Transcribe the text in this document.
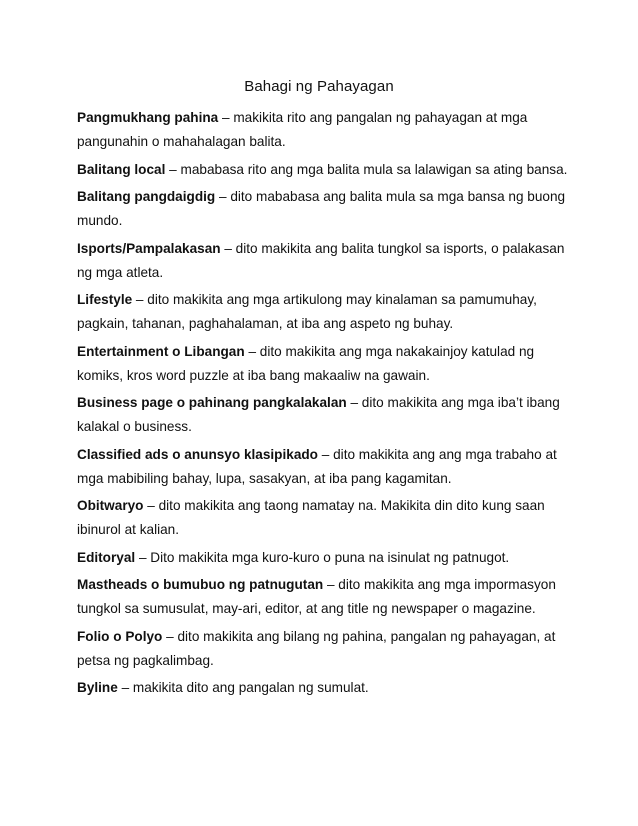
Bahagi ng Pahayagan

Pangmukhang pahina – makikita rito ang pangalan ng pahayagan at mga pangunahin o mahahalagan balita.

Balitang local – mababasa rito ang mga balita mula sa lalawigan sa ating bansa.

Balitang pangdaigdig – dito mababasa ang balita mula sa mga bansa ng buong mundo.

Isports/Pampalakasan – dito makikita ang balita tungkol sa isports, o palakasan ng mga atleta.

Lifestyle – dito makikita ang mga artikulong may kinalaman sa pamumuhay, pagkain, tahanan, paghahalaman, at iba ang aspeto ng buhay.

Entertainment o Libangan – dito makikita ang mga nakakainjoy katulad ng komiks, kros word puzzle at iba bang makaaliw na gawain.

Business page o pahinang pangkalakalan – dito makikita ang mga iba’t ibang kalakal o business.

Classified ads o anunsyo klasipikado – dito makikita ang ang mga trabaho at mga mabibiling bahay, lupa, sasakyan, at iba pang kagamitan.

Obitwaryo – dito makikita ang taong namatay na. Makikita din dito kung saan ibinurol at kalian.

Editoryal – Dito makikita mga kuro-kuro o puna na isinulat ng patnugot.

Mastheads o bumubuo ng patnugutan – dito makikita ang mga impormasyon tungkol sa sumusulat, may-ari, editor, at ang title ng newspaper o magazine.

Folio o Polyo – dito makikita ang bilang ng pahina, pangalan ng pahayagan, at petsa ng pagkalimbag.

Byline – makikita dito ang pangalan ng sumulat.
